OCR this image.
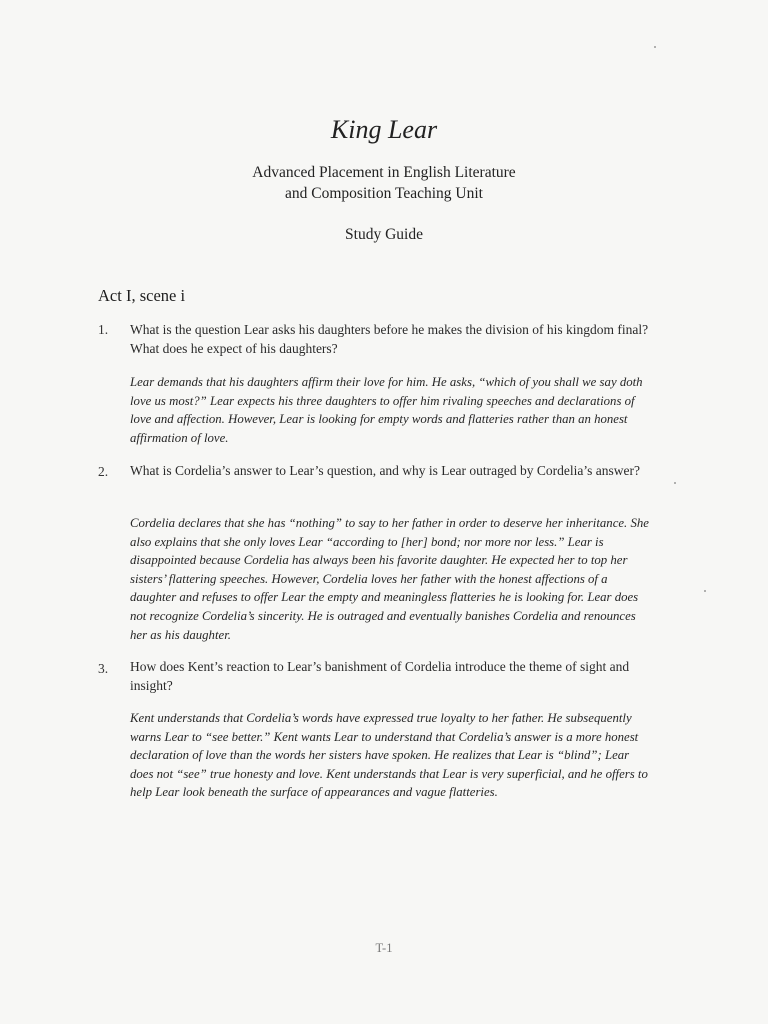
King Lear
Advanced Placement in English Literature
and Composition Teaching Unit
Study Guide
Act I, scene i
1. What is the question Lear asks his daughters before he makes the division of his kingdom final? What does he expect of his daughters?
Lear demands that his daughters affirm their love for him. He asks, “which of you shall we say doth love us most?” Lear expects his three daughters to offer him rivaling speeches and declarations of love and affection. However, Lear is looking for empty words and flatteries rather than an honest affirmation of love.
2. What is Cordelia’s answer to Lear’s question, and why is Lear outraged by Cordelia’s answer?
Cordelia declares that she has “nothing” to say to her father in order to deserve her inheritance. She also explains that she only loves Lear “according to [her] bond; nor more nor less.” Lear is disappointed because Cordelia has always been his favorite daughter. He expected her to top her sisters’ flattering speeches. However, Cordelia loves her father with the honest affections of a daughter and refuses to offer Lear the empty and meaningless flatteries he is looking for. Lear does not recognize Cordelia’s sincerity. He is outraged and eventually banishes Cordelia and renounces her as his daughter.
3. How does Kent’s reaction to Lear’s banishment of Cordelia introduce the theme of sight and insight?
Kent understands that Cordelia’s words have expressed true loyalty to her father. He subsequently warns Lear to “see better.” Kent wants Lear to understand that Cordelia’s answer is a more honest declaration of love than the words her sisters have spoken. He realizes that Lear is “blind”; Lear does not “see” true honesty and love. Kent understands that Lear is very superficial, and he offers to help Lear look beneath the surface of appearances and vague flatteries.
T-1
